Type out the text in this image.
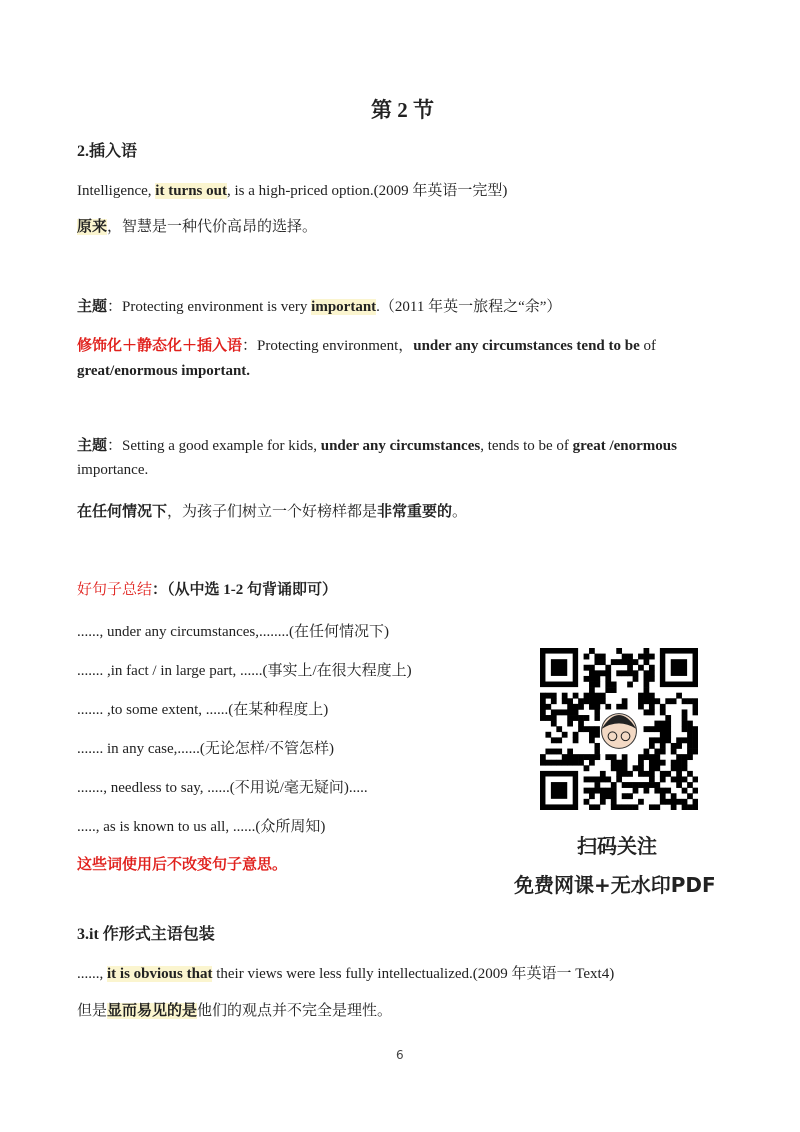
第 2 节
2.插入语
Intelligence, it turns out, is a high-priced option.(2009 年英语一完型)
原来，智慧是一种代价高昂的选择。
主题：Protecting environment is very important.（2011 年英一旅程之“余”）
修饰化＋静态化＋插入语：Protecting environment，under any circumstances tend to be of
great/enormous important.
主题：Setting a good example for kids, under any circumstances, tends to be of great /enormous
importance.
在任何情况下，为孩子们树立一个好榜样都是非常重要的。
好句子总结：（从中选 1-2 句背诵即可）
......, under any circumstances,........(在任何情况下)
....... ,in fact / in large part, ......(事实上/在很大程度上)
....... ,to some extent, ......(在某种程度上)
....... in any case,......(无论怎样/不管怎样)
......., needless to say, ......(不用说/毫无疑问).....
....., as is known to us all, ......(众所周知)
这些词使用后不改变句子意思。
扫码关注
免费网课+无水印PDF
3.it 作形式主语包装
......, it is obvious that their views were less fully intellectualized.(2009 年英语一 Text4)
但是显而易见的是他们的观点并不完全是理性。
6
